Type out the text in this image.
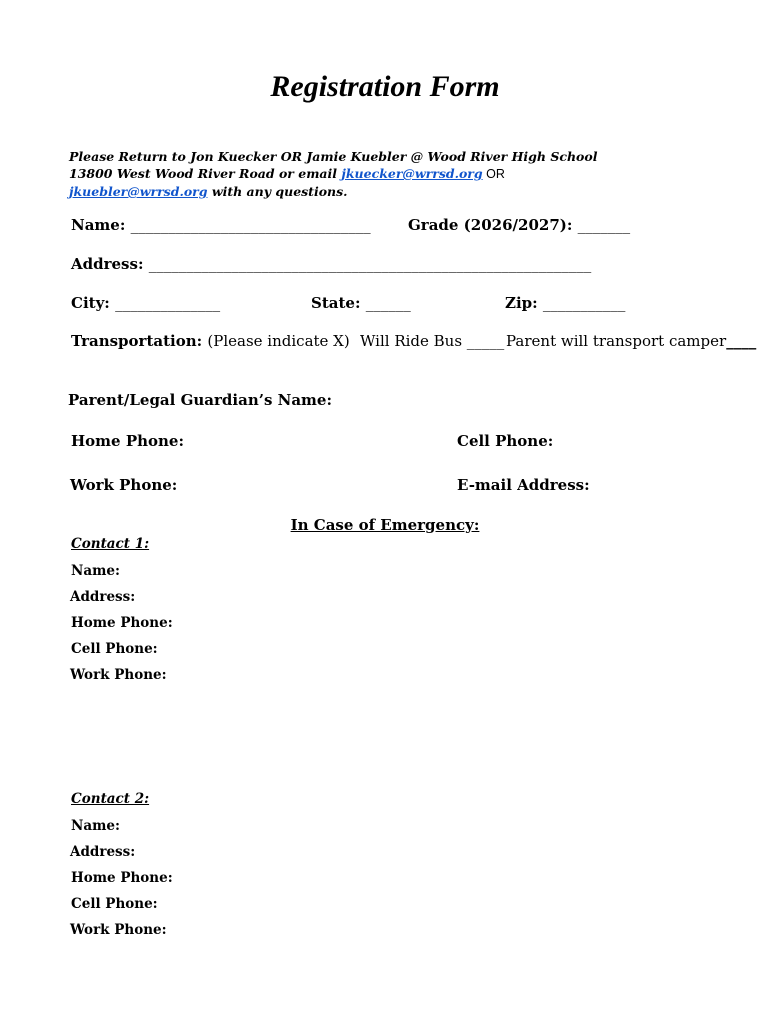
Registration Form
Please Return to Jon Kuecker OR Jamie Kuebler @ Wood River High School 13800 West Wood River Road or email jkuecker@wrrsd.org OR jkuebler@wrrsd.org with any questions.
Name: ________________________________ Grade (2026/2027): _______
Address: ___________________________________________________________
City: ______________	State: ______	Zip: ___________
Transportation: (Please indicate X) Will Ride Bus _____ Parent will transport camper____
Parent/Legal Guardian’s Name:
Home Phone:	Cell Phone:
Work Phone:	E-mail Address:
In Case of Emergency:
Contact 1:
Name:
Address:
Home Phone:
Cell Phone:
Work Phone:
Contact 2:
Name:
Address:
Home Phone:
Cell Phone:
Work Phone:
